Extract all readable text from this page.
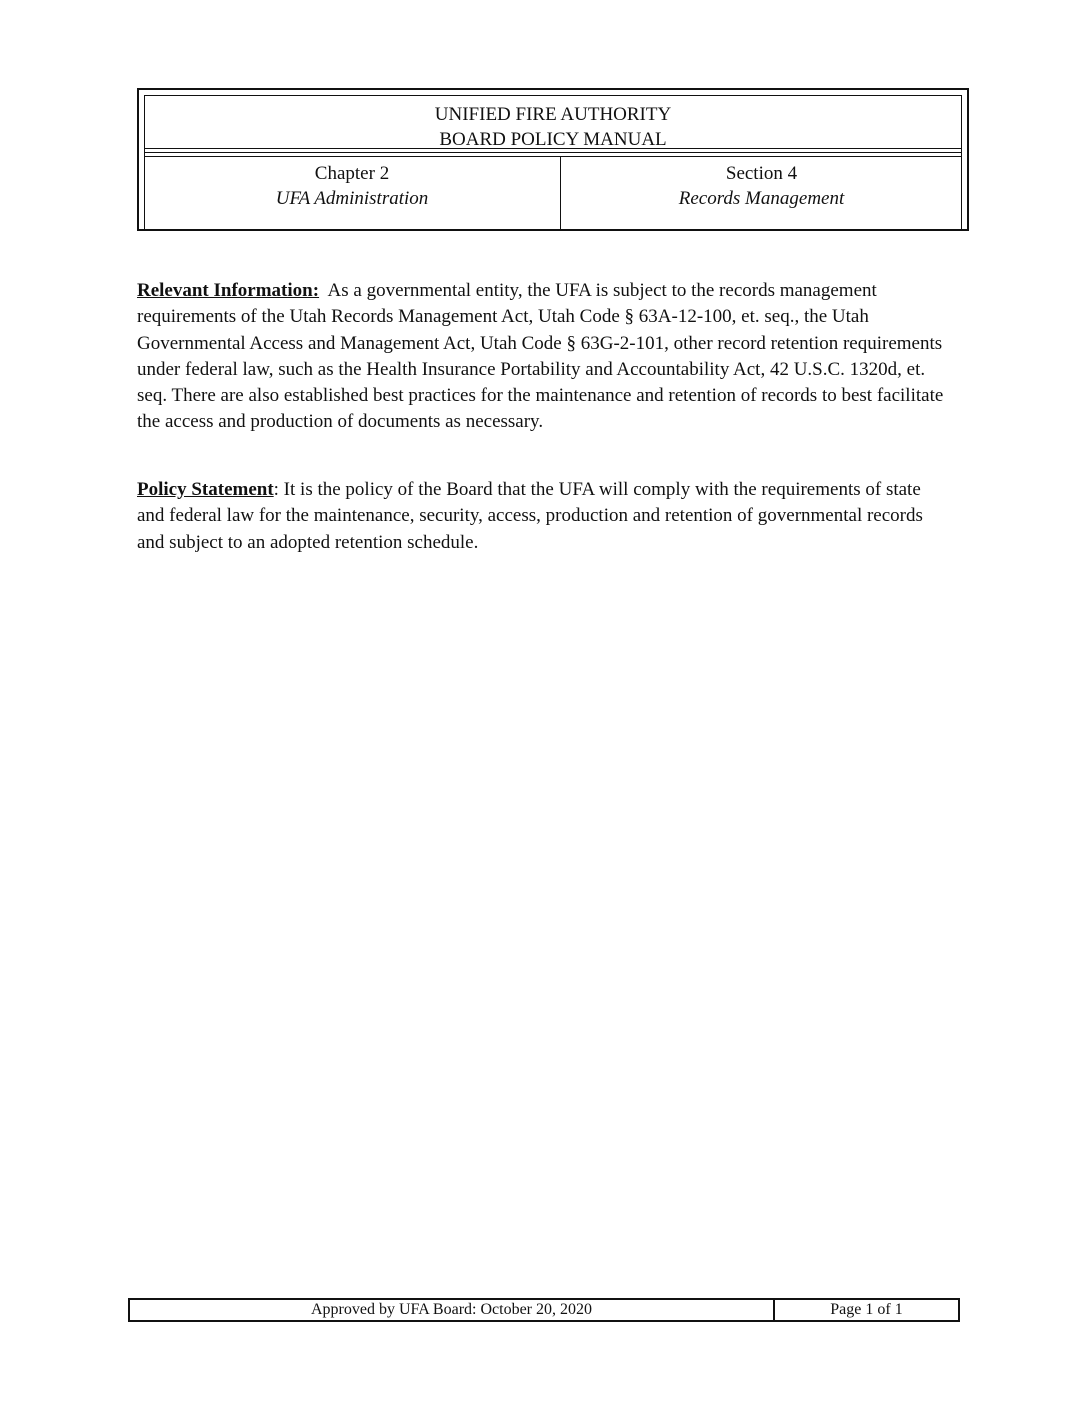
UNIFIED FIRE AUTHORITY
BOARD POLICY MANUAL
Chapter 2
UFA Administration
Section 4
Records Management
Relevant Information: As a governmental entity, the UFA is subject to the records management requirements of the Utah Records Management Act, Utah Code § 63A-12-100, et. seq., the Utah Governmental Access and Management Act, Utah Code § 63G-2-101, other record retention requirements under federal law, such as the Health Insurance Portability and Accountability Act, 42 U.S.C. 1320d, et. seq. There are also established best practices for the maintenance and retention of records to best facilitate the access and production of documents as necessary.
Policy Statement: It is the policy of the Board that the UFA will comply with the requirements of state and federal law for the maintenance, security, access, production and retention of governmental records and subject to an adopted retention schedule.
Approved by UFA Board: October 20, 2020	Page 1 of 1
